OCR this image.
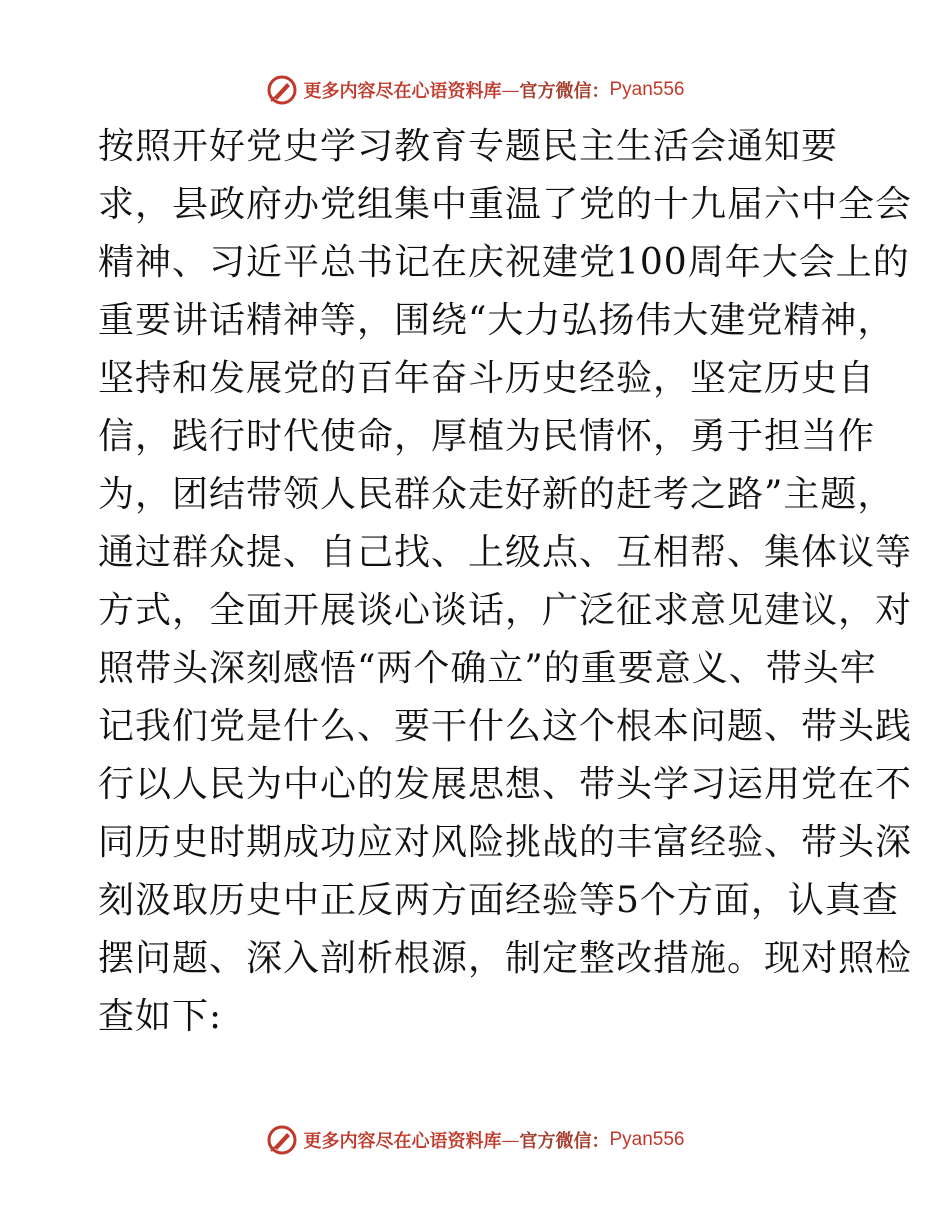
更多内容尽在心语资料库 — 官方微信： Pyan556
按照开好党史学习教育专题民主生活会通知要
求，县政府办党组集中重温了党的十九届六中全会
精神、习近平总书记在庆祝建党100周年大会上的
重要讲话精神等，围绕“大力弘扬伟大建党精神，
坚持和发展党的百年奋斗历史经验，坚定历史自
信，践行时代使命，厚植为民情怀，勇于担当作
为，团结带领人民群众走好新的赶考之路”主题，
通过群众提、自己找、上级点、互相帮、集体议等
方式，全面开展谈心谈话，广泛征求意见建议，对
照带头深刻感悟“两个确立”的重要意义、带头牢
记我们党是什么、要干什么这个根本问题、带头践
行以人民为中心的发展思想、带头学习运用党在不
同历史时期成功应对风险挑战的丰富经验、带头深
刻汲取历史中正反两方面经验等5个方面，认真查
摆问题、深入剖析根源，制定整改措施。现对照检
查如下:
更多内容尽在心语资料库 — 官方微信： Pyan556
